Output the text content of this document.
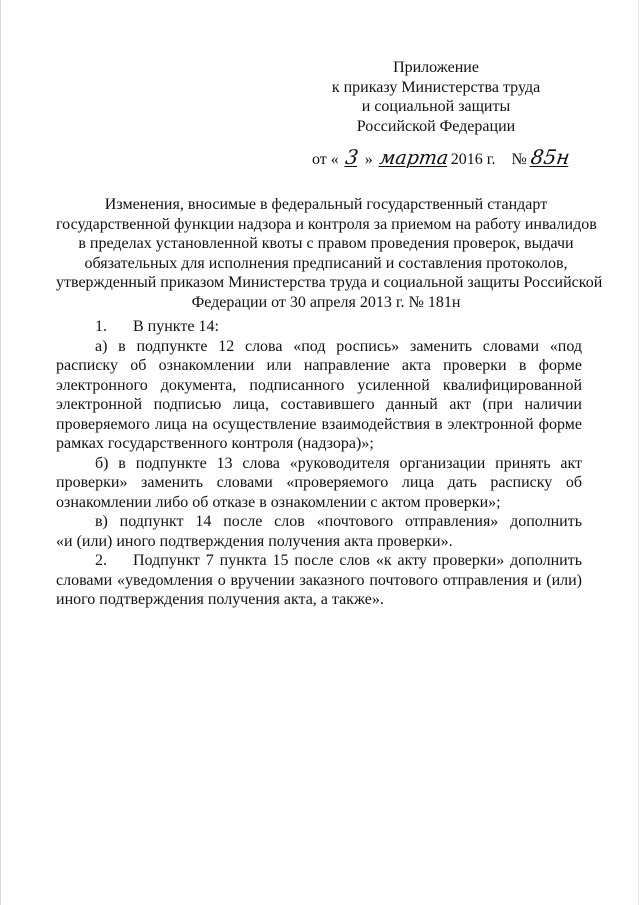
Приложение
к приказу Министерства труда
и социальной защиты
Российской Федерации
от « 3 » марта2016 г. № 85н
Изменения, вносимые в федеральный государственный стандарт
государственной функции надзора и контроля за приемом на работу инвалидов
в пределах установленной квоты с правом проведения проверок, выдачи
обязательных для исполнения предписаний и составления протоколов,
утвержденный приказом Министерства труда и социальной защиты Российской
Федерации от 30 апреля 2013 г. № 181н
1. В пункте 14:
а) в подпункте 12 слова «под роспись» заменить словами «под
расписку об ознакомлении или направление акта проверки в форме
электронного документа, подписанного усиленной квалифицированной
электронной подписью лица, составившего данный акт (при наличии
проверяемого лица на осуществление взаимодействия в электронной форме
рамках государственного контроля (надзора)»;
б) в подпункте 13 слова «руководителя организации принять акт
проверки» заменить словами «проверяемого лица дать расписку об
ознакомлении либо об отказе в ознакомлении с актом проверки»;
в) подпункт 14 после слов «почтового отправления» дополнить
«и (или) иного подтверждения получения акта проверки».
2. Подпункт 7 пункта 15 после слов «к акту проверки» дополнить
словами «уведомления о вручении заказного почтового отправления и (или)
иного подтверждения получения акта, а также».
